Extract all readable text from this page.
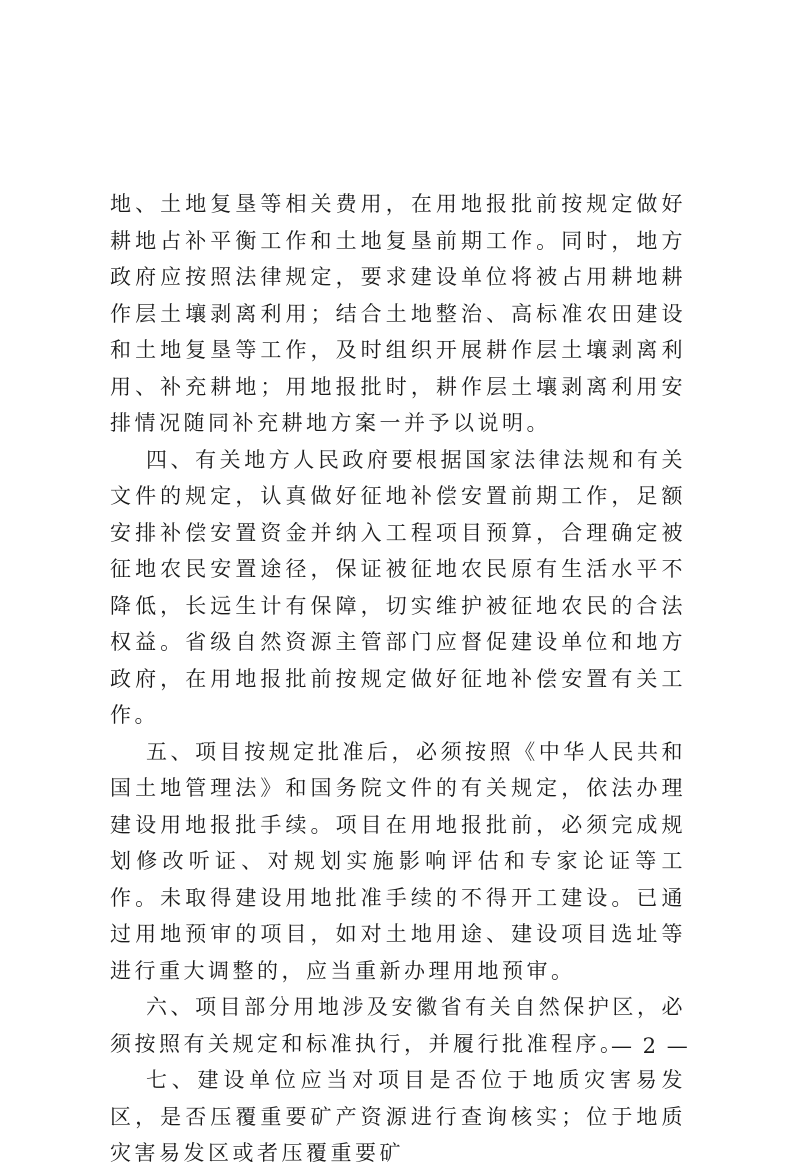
地、土地复垦等相关费用，在用地报批前按规定做好耕地占补平衡工作和土地复垦前期工作。同时，地方政府应按照法律规定，要求建设单位将被占用耕地耕作层土壤剥离利用；结合土地整治、高标准农田建设和土地复垦等工作，及时组织开展耕作层土壤剥离利用、补充耕地；用地报批时，耕作层土壤剥离利用安排情况随同补充耕地方案一并予以说明。

四、有关地方人民政府要根据国家法律法规和有关文件的规定，认真做好征地补偿安置前期工作，足额安排补偿安置资金并纳入工程项目预算，合理确定被征地农民安置途径，保证被征地农民原有生活水平不降低，长远生计有保障，切实维护被征地农民的合法权益。省级自然资源主管部门应督促建设单位和地方政府，在用地报批前按规定做好征地补偿安置有关工作。

五、项目按规定批准后，必须按照《中华人民共和国土地管理法》和国务院文件的有关规定，依法办理建设用地报批手续。项目在用地报批前，必须完成规划修改听证、对规划实施影响评估和专家论证等工作。未取得建设用地批准手续的不得开工建设。已通过用地预审的项目，如对土地用途、建设项目选址等进行重大调整的，应当重新办理用地预审。

六、项目部分用地涉及安徽省有关自然保护区，必须按照有关规定和标准执行，并履行批准程序。

七、建设单位应当对项目是否位于地质灾害易发区，是否压覆重要矿产资源进行查询核实；位于地质灾害易发区或者压覆重要矿

— 2 —
